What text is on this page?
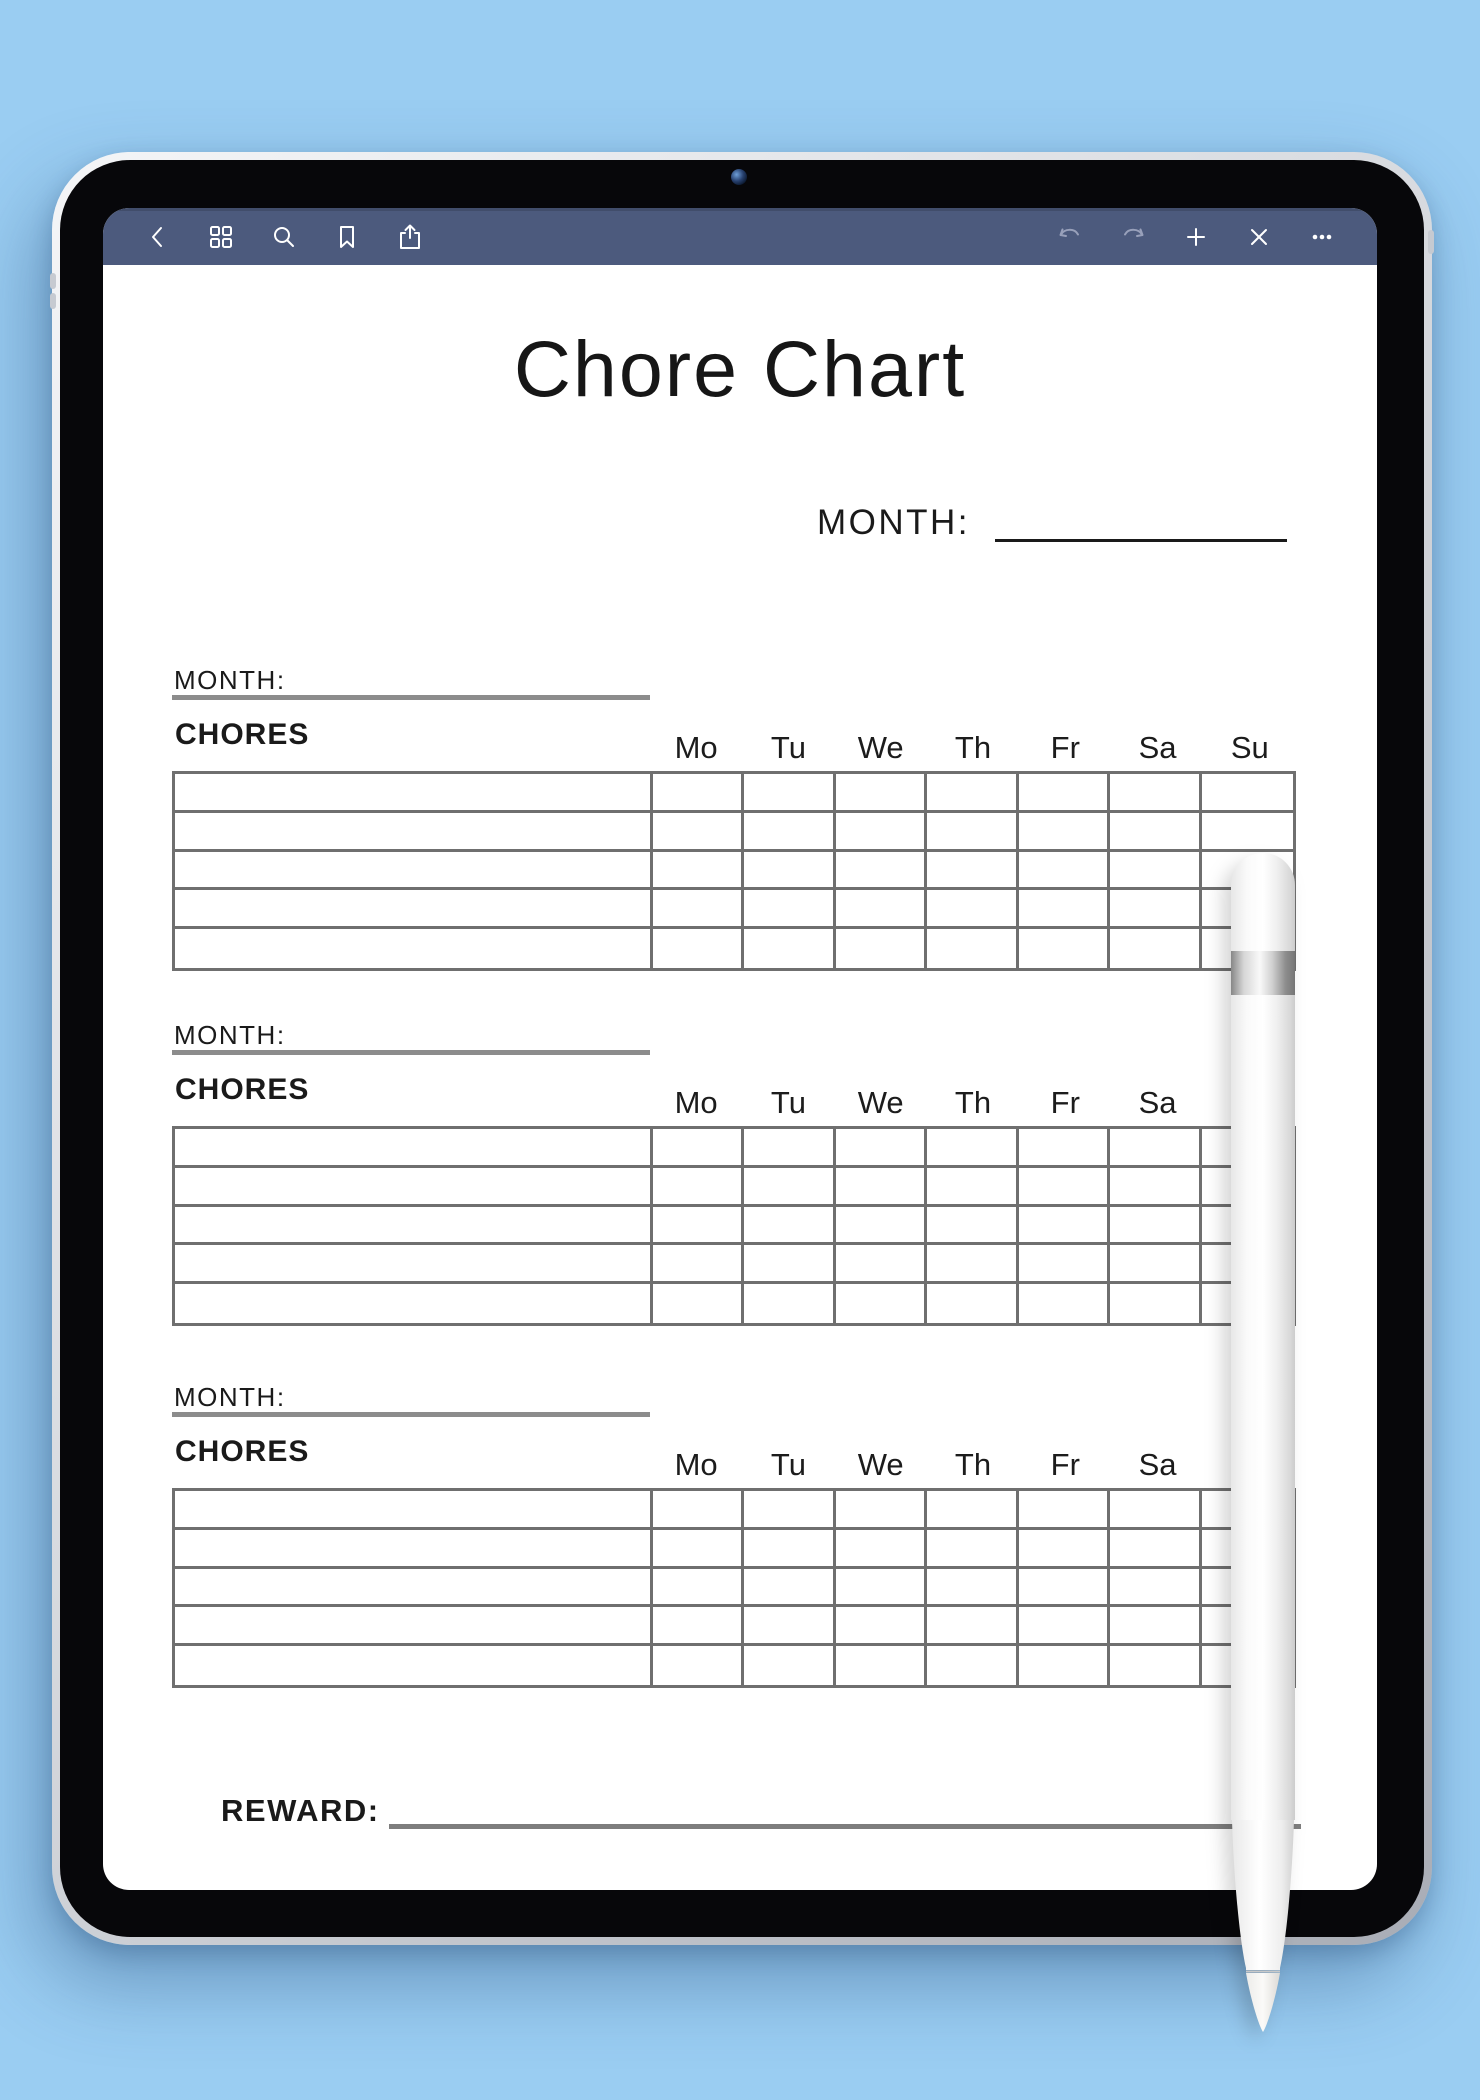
Chore Chart
MONTH:
MONTH:
CHORES	Mo	Tu	We	Th	Fr	Sa	Su
MONTH:
CHORES	Mo	Tu	We	Th	Fr	Sa
MONTH:
CHORES	Mo	Tu	We	Th	Fr	Sa
REWARD:
